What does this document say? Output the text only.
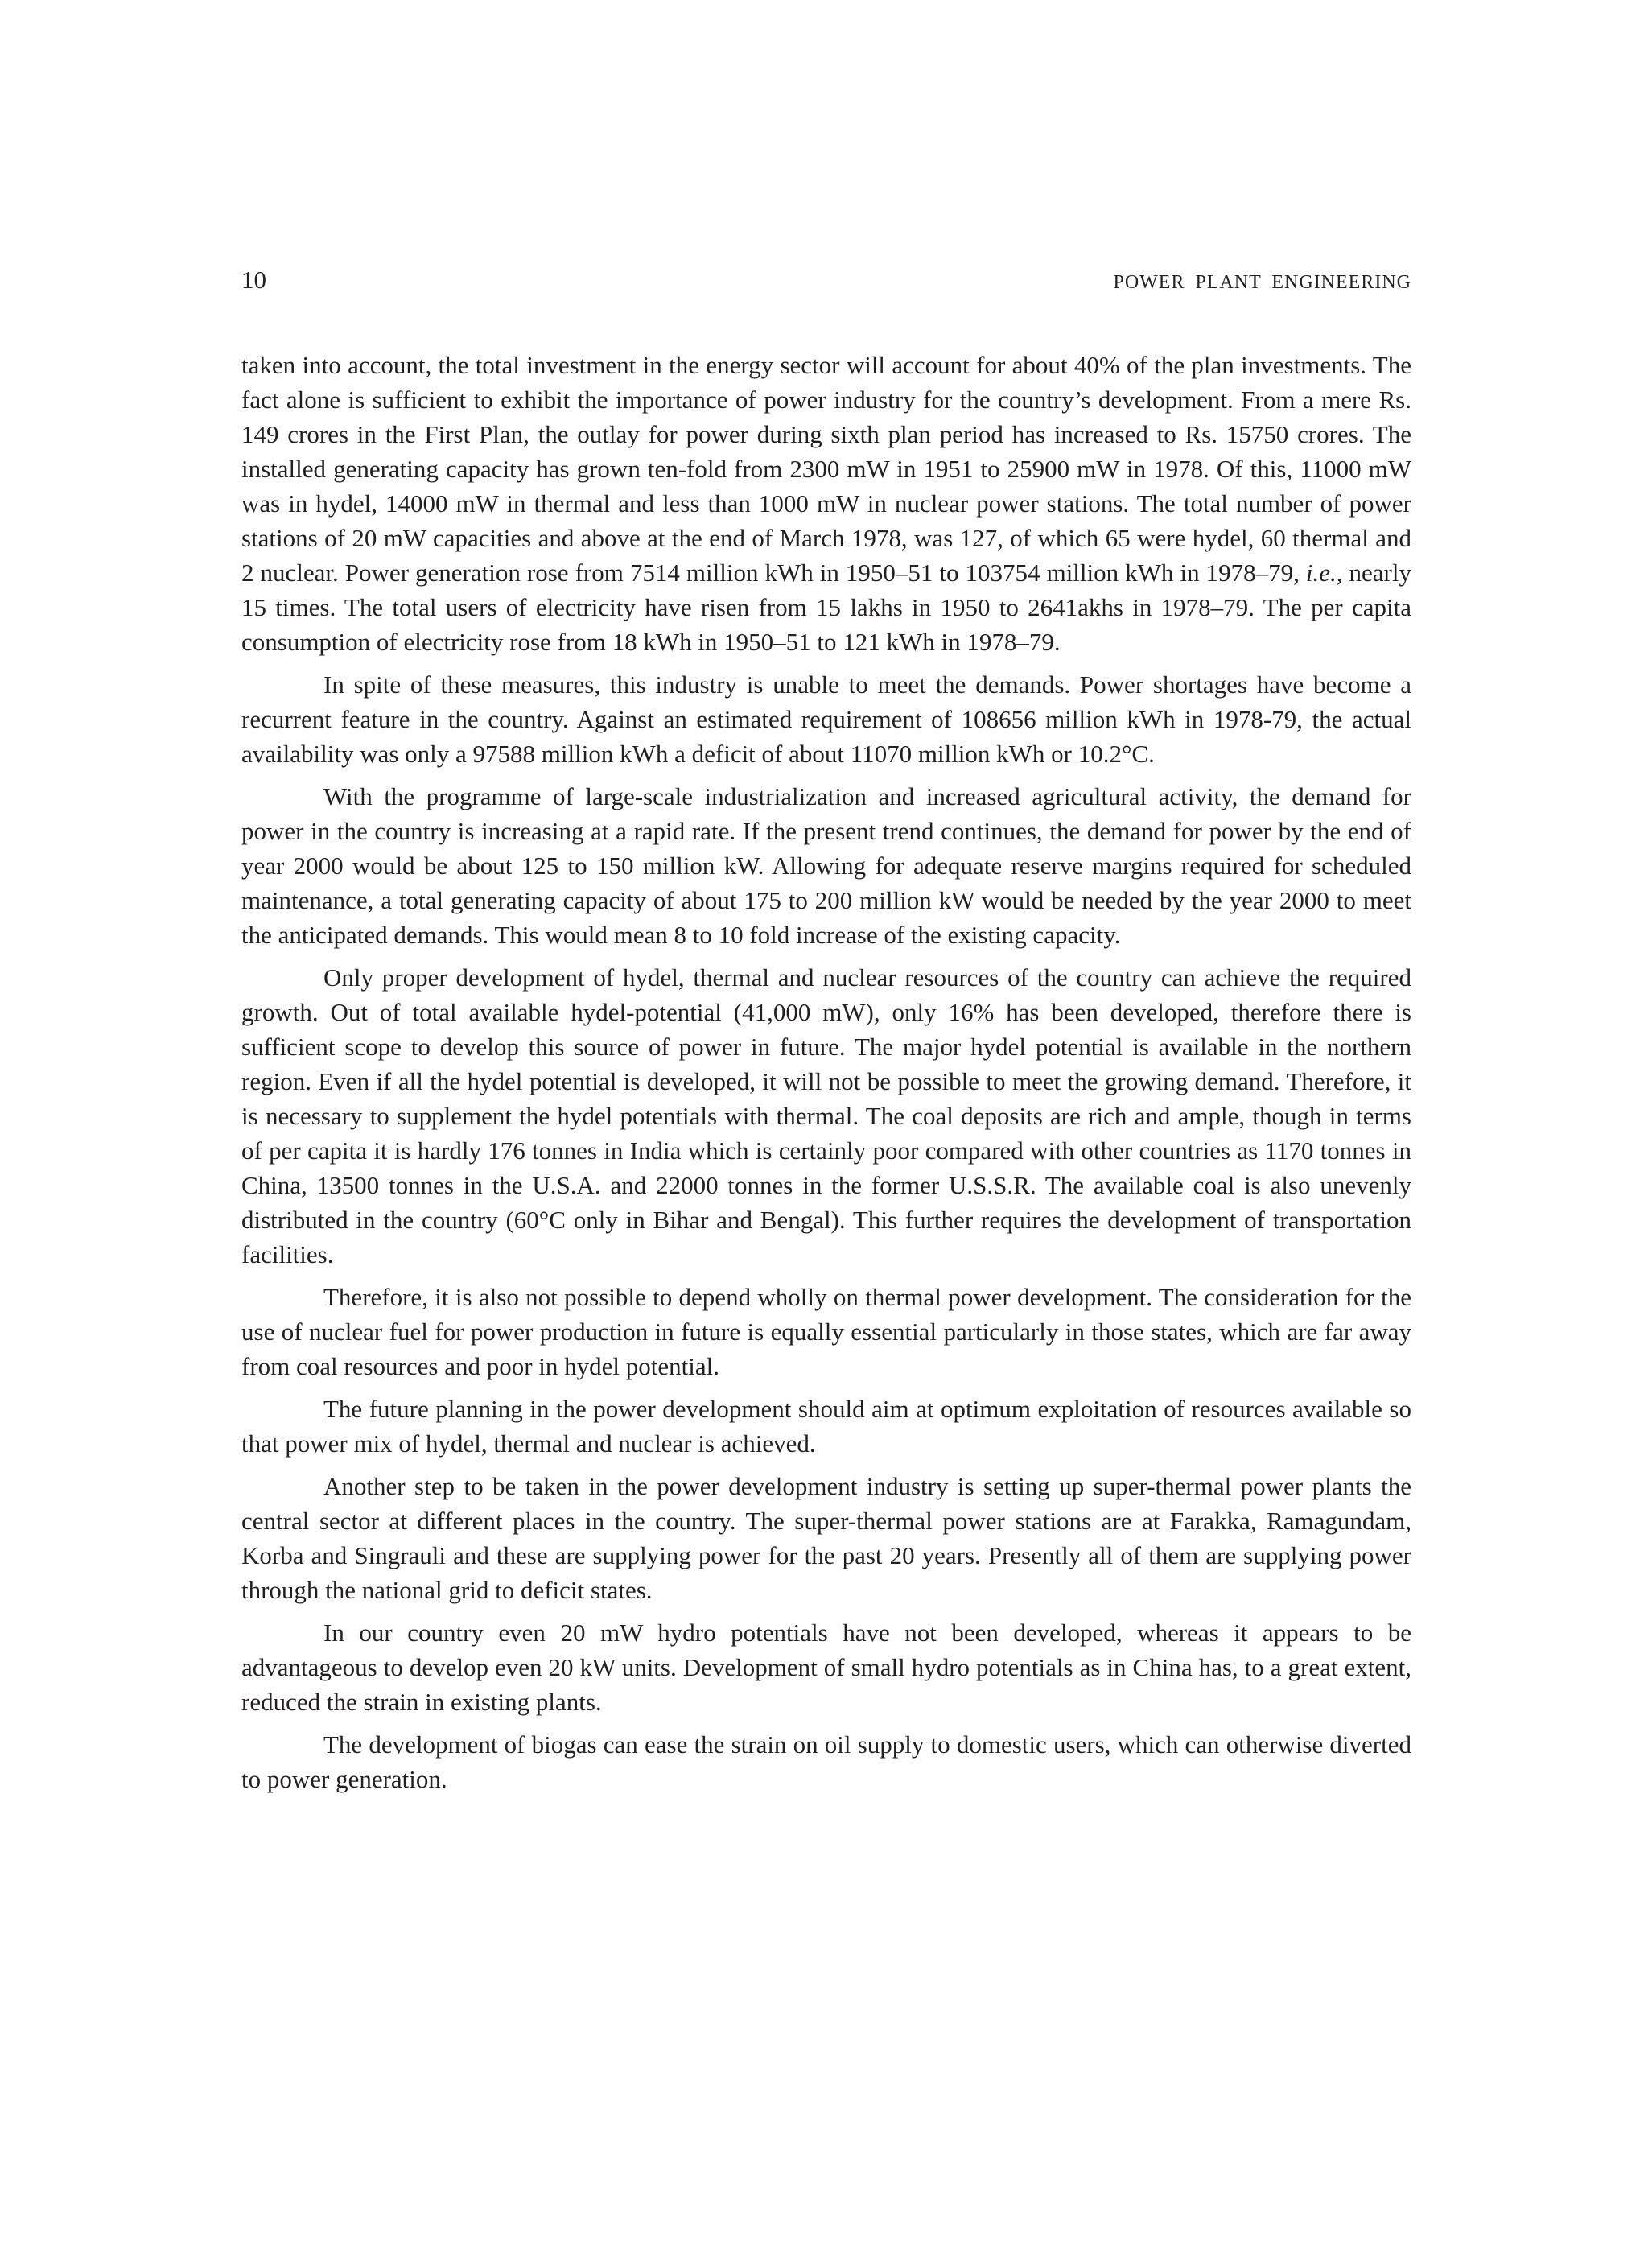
10	POWER PLANT ENGINEERING

taken into account, the total investment in the energy sector will account for about 40% of the plan investments. The fact alone is sufficient to exhibit the importance of power industry for the country’s development. From a mere Rs. 149 crores in the First Plan, the outlay for power during sixth plan period has increased to Rs. 15750 crores. The installed generating capacity has grown ten-fold from 2300 mW in 1951 to 25900 mW in 1978. Of this, 11000 mW was in hydel, 14000 mW in thermal and less than 1000 mW in nuclear power stations. The total number of power stations of 20 mW capacities and above at the end of March 1978, was 127, of which 65 were hydel, 60 thermal and 2 nuclear. Power generation rose from 7514 million kWh in 1950–51 to 103754 million kWh in 1978–79, i.e., nearly 15 times. The total users of electricity have risen from 15 lakhs in 1950 to 2641akhs in 1978–79. The per capita consumption of electricity rose from 18 kWh in 1950–51 to 121 kWh in 1978–79.

In spite of these measures, this industry is unable to meet the demands. Power shortages have become a recurrent feature in the country. Against an estimated requirement of 108656 million kWh in 1978-79, the actual availability was only a 97588 million kWh a deficit of about 11070 million kWh or 10.2°C.

With the programme of large-scale industrialization and increased agricultural activity, the demand for power in the country is increasing at a rapid rate. If the present trend continues, the demand for power by the end of year 2000 would be about 125 to 150 million kW. Allowing for adequate reserve margins required for scheduled maintenance, a total generating capacity of about 175 to 200 million kW would be needed by the year 2000 to meet the anticipated demands. This would mean 8 to 10 fold increase of the existing capacity.

Only proper development of hydel, thermal and nuclear resources of the country can achieve the required growth. Out of total available hydel-potential (41,000 mW), only 16% has been developed, therefore there is sufficient scope to develop this source of power in future. The major hydel potential is available in the northern region. Even if all the hydel potential is developed, it will not be possible to meet the growing demand. Therefore, it is necessary to supplement the hydel potentials with thermal. The coal deposits are rich and ample, though in terms of per capita it is hardly 176 tonnes in India which is certainly poor compared with other countries as 1170 tonnes in China, 13500 tonnes in the U.S.A. and 22000 tonnes in the former U.S.S.R. The available coal is also unevenly distributed in the country (60°C only in Bihar and Bengal). This further requires the development of transportation facilities.

Therefore, it is also not possible to depend wholly on thermal power development. The consideration for the use of nuclear fuel for power production in future is equally essential particularly in those states, which are far away from coal resources and poor in hydel potential.

The future planning in the power development should aim at optimum exploitation of resources available so that power mix of hydel, thermal and nuclear is achieved.

Another step to be taken in the power development industry is setting up super-thermal power plants the central sector at different places in the country. The super-thermal power stations are at Farakka, Ramagundam, Korba and Singrauli and these are supplying power for the past 20 years. Presently all of them are supplying power through the national grid to deficit states.

In our country even 20 mW hydro potentials have not been developed, whereas it appears to be advantageous to develop even 20 kW units. Development of small hydro potentials as in China has, to a great extent, reduced the strain in existing plants.

The development of biogas can ease the strain on oil supply to domestic users, which can otherwise diverted to power generation.
